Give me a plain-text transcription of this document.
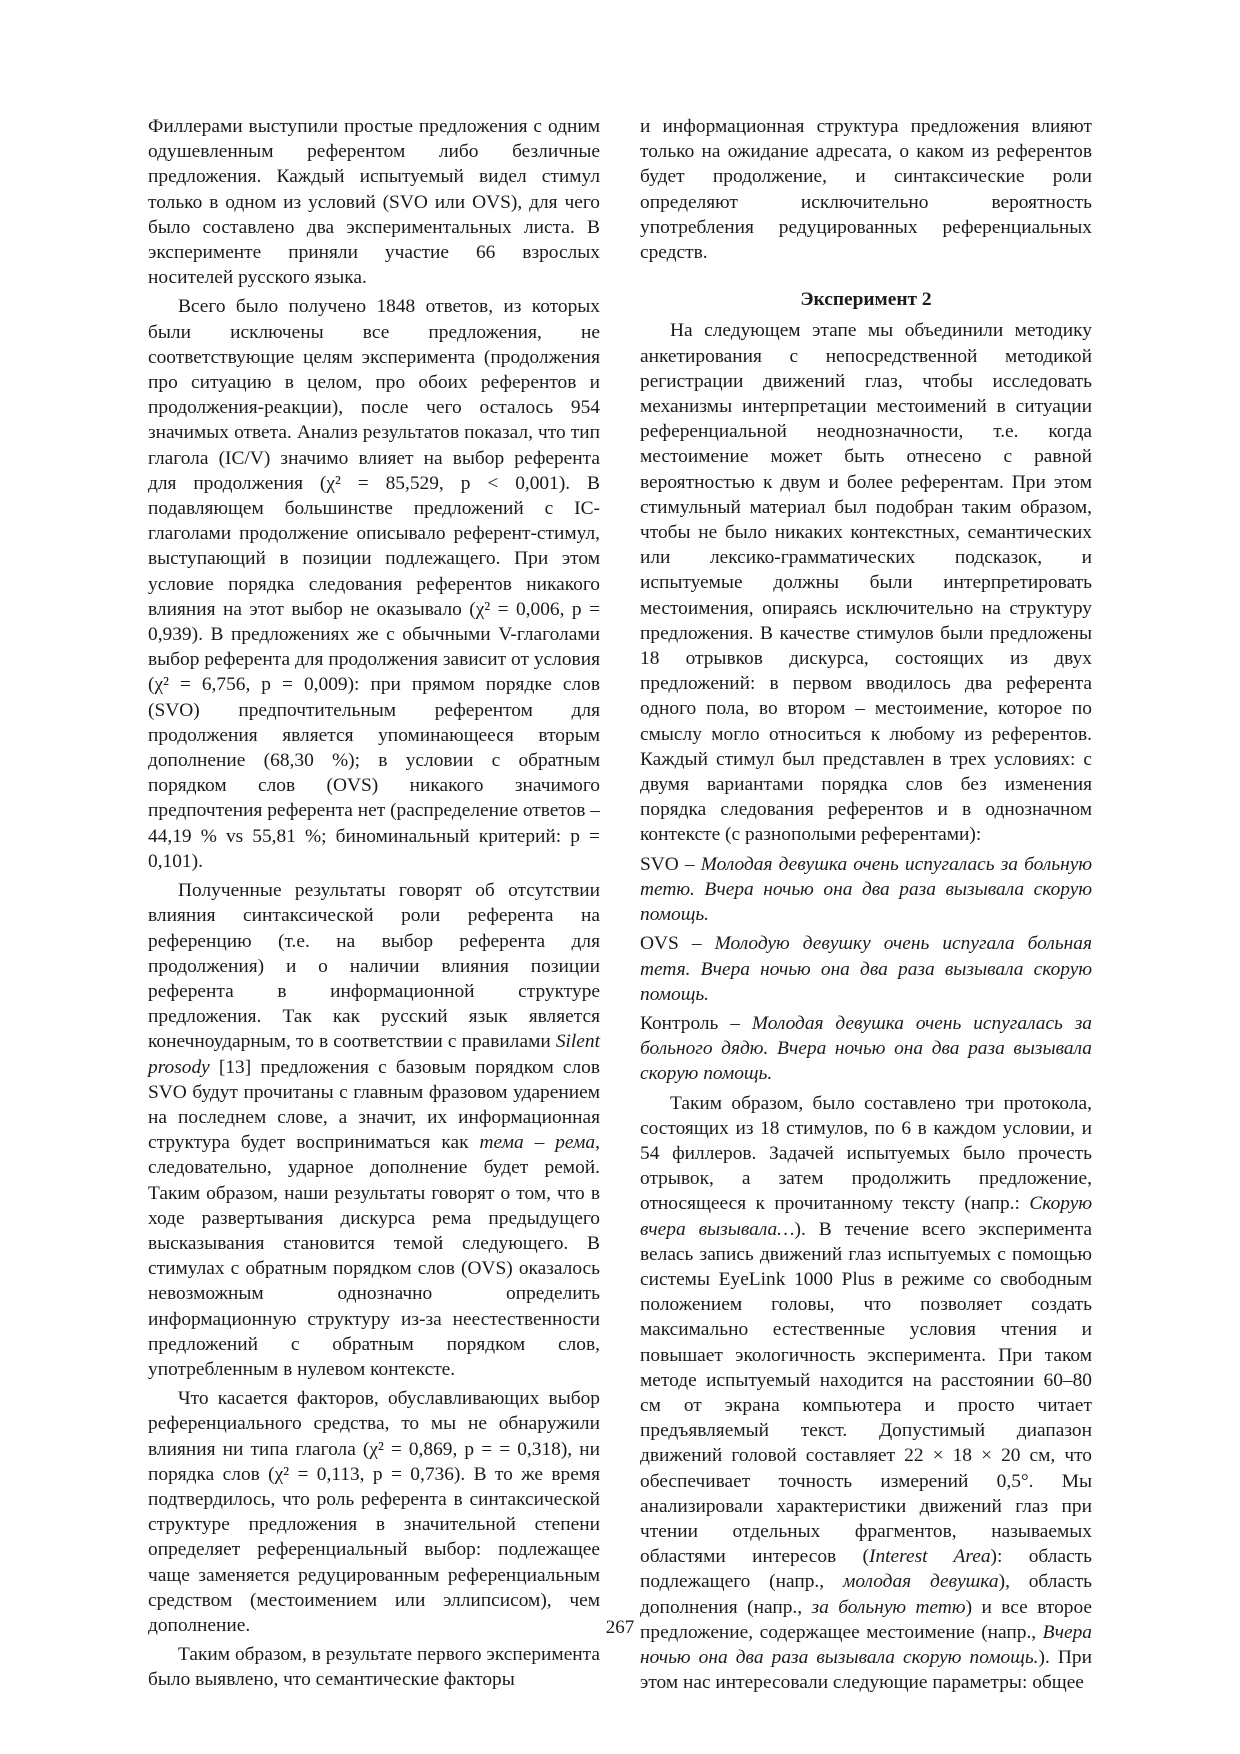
Филлерами выступили простые предложения с одним одушевленным референтом либо безличные предложения. Каждый испытуемый видел стимул только в одном из условий (SVO или OVS), для чего было составлено два экспериментальных листа. В эксперименте приняли участие 66 взрослых носителей русского языка.

Всего было получено 1848 ответов, из которых были исключены все предложения, не соответствующие целям эксперимента (продолжения про ситуацию в целом, про обоих референтов и продолжения-реакции), после чего осталось 954 значимых ответа. Анализ результатов показал, что тип глагола (IC/V) значимо влияет на выбор референта для продолжения (χ² = 85,529, p < 0,001). В подавляющем большинстве предложений с IC-глаголами продолжение описывало референт-стимул, выступающий в позиции подлежащего. При этом условие порядка следования референтов никакого влияния на этот выбор не оказывало (χ² = 0,006, p = 0,939). В предложениях же с обычными V-глаголами выбор референта для продолжения зависит от условия (χ² = 6,756, p = 0,009): при прямом порядке слов (SVO) предпочтительным референтом для продолжения является упоминающееся вторым дополнение (68,30 %); в условии с обратным порядком слов (OVS) никакого значимого предпочтения референта нет (распределение ответов – 44,19 % vs 55,81 %; биноминальный критерий: p = 0,101).

Полученные результаты говорят об отсутствии влияния синтаксической роли референта на референцию (т.е. на выбор референта для продолжения) и о наличии влияния позиции референта в информационной структуре предложения. Так как русский язык является конечноударным, то в соответствии с правилами Silent prosody [13] предложения с базовым порядком слов SVO будут прочитаны с главным фразовом ударением на последнем слове, а значит, их информационная структура будет восприниматься как тема – рема, следовательно, ударное дополнение будет ремой. Таким образом, наши результаты говорят о том, что в ходе развертывания дискурса рема предыдущего высказывания становится темой следующего. В стимулах с обратным порядком слов (OVS) оказалось невозможным однозначно определить информационную структуру из-за неестественности предложений с обратным порядком слов, употребленным в нулевом контексте.

Что касается факторов, обуславливающих выбор референциального средства, то мы не обнаружили влияния ни типа глагола (χ² = 0,869, p = = 0,318), ни порядка слов (χ² = 0,113, p = 0,736). В то же время подтвердилось, что роль референта в синтаксической структуре предложения в значительной степени определяет референциальный выбор: подлежащее чаще заменяется редуцированным референциальным средством (местоимением или эллипсисом), чем дополнение.

Таким образом, в результате первого эксперимента было выявлено, что семантические факторы

и информационная структура предложения влияют только на ожидание адресата, о каком из референтов будет продолжение, и синтаксические роли определяют исключительно вероятность употребления редуцированных референциальных средств.

Эксперимент 2

На следующем этапе мы объединили методику анкетирования с непосредственной методикой регистрации движений глаз, чтобы исследовать механизмы интерпретации местоимений в ситуации референциальной неоднозначности, т.е. когда местоимение может быть отнесено с равной вероятностью к двум и более референтам. При этом стимульный материал был подобран таким образом, чтобы не было никаких контекстных, семантических или лексико-грамматических подсказок, и испытуемые должны были интерпретировать местоимения, опираясь исключительно на структуру предложения. В качестве стимулов были предложены 18 отрывков дискурса, состоящих из двух предложений: в первом вводилось два референта одного пола, во втором – местоимение, которое по смыслу могло относиться к любому из референтов. Каждый стимул был представлен в трех условиях: с двумя вариантами порядка слов без изменения порядка следования референтов и в однозначном контексте (с разнополыми референтами):

SVO – Молодая девушка очень испугалась за больную тетю. Вчера ночью она два раза вызывала скорую помощь.

OVS – Молодую девушку очень испугала больная тетя. Вчера ночью она два раза вызывала скорую помощь.

Контроль – Молодая девушка очень испугалась за больного дядю. Вчера ночью она два раза вызывала скорую помощь.

Таким образом, было составлено три протокола, состоящих из 18 стимулов, по 6 в каждом условии, и 54 филлеров. Задачей испытуемых было прочесть отрывок, а затем продолжить предложение, относящееся к прочитанному тексту (напр.: Скорую вчера вызывала…). В течение всего эксперимента велась запись движений глаз испытуемых с помощью системы EyeLink 1000 Plus в режиме со свободным положением головы, что позволяет создать максимально естественные условия чтения и повышает экологичность эксперимента. При таком методе испытуемый находится на расстоянии 60–80 см от экрана компьютера и просто читает предъявляемый текст. Допустимый диапазон движений головой составляет 22 × 18 × 20 см, что обеспечивает точность измерений 0,5°. Мы анализировали характеристики движений глаз при чтении отдельных фрагментов, называемых областями интересов (Interest Area): область подлежащего (напр., молодая девушка), область дополнения (напр., за больную тетю) и все второе предложение, содержащее местоимение (напр., Вчера ночью она два раза вызывала скорую помощь.). При этом нас интересовали следующие параметры: общее

267
